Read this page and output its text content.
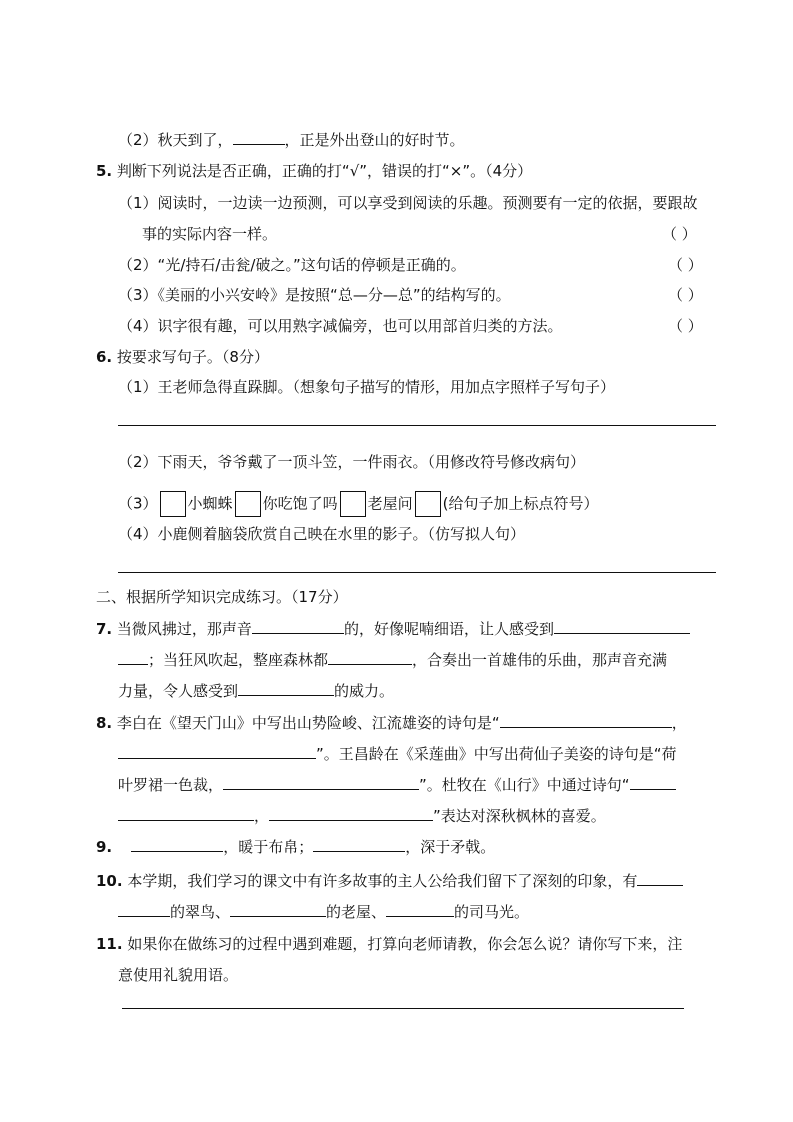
（2）秋天到了，	，正是外出登山的好时节。
5. 判断下列说法是否正确，正确的打“√”，错误的打“×”。（4分）
（1）阅读时，一边读一边预测，可以享受到阅读的乐趣。预测要有一定的依据，要跟故
事的实际内容一样。	（ ）
（2）“光/持石/击瓮/破之。”这句话的停顿是正确的。	（ ）
（3）《美丽的小兴安岭》是按照“总—分—总”的结构写的。	（ ）
（4）识字很有趣，可以用熟字减偏旁，也可以用部首归类的方法。	（ ）
6. 按要求写句子。（8分）
（1）王老师急得直跺脚。（想象句子描写的情形，用加点字照样子写句子）
（2）下雨天，爷爷戴了一顶斗笠，一件雨衣。（用修改符号修改病句）
（3） 小蜘蛛 你吃饱了吗 老屋问 (给句子加上标点符号）
（4）小鹿侧着脑袋欣赏自己映在水里的影子。（仿写拟人句）
二、根据所学知识完成练习。（17分）
7. 当微风拂过，那声音	的，好像呢喃细语，让人感受到
；当狂风吹起，整座森林都	，合奏出一首雄伟的乐曲，那声音充满
力量，令人感受到	的威力。
8. 李白在《望天门山》中写出山势险峻、江流雄姿的诗句是“	，
”。王昌龄在《采莲曲》中写出荷仙子美姿的诗句是“荷
叶罗裙一色裁，	”。杜牧在《山行》中通过诗句“
，	”表达对深秋枫林的喜爱。
9.	，暖于布帛；	，深于矛戟。
10. 本学期，我们学习的课文中有许多故事的主人公给我们留下了深刻的印象，有
的翠鸟、	的老屋、	的司马光。
11. 如果你在做练习的过程中遇到难题，打算向老师请教，你会怎么说？请你写下来，注
意使用礼貌用语。
